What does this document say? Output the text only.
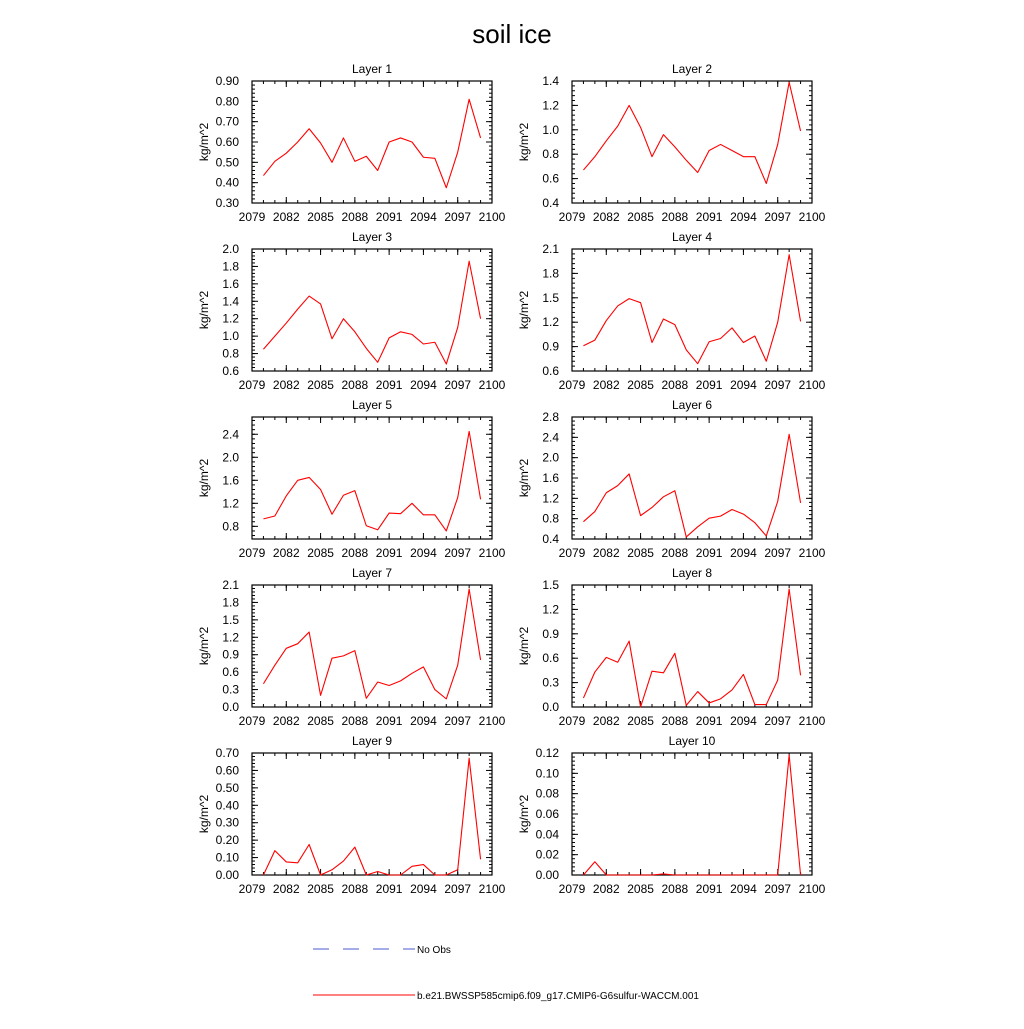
soil ice
Layer 1
kg/m^2
2079 2082 2085 2088 2091 2094 2097 2100
0.30
0.40
0.50
0.60
0.70
0.80
0.90
Layer 2
kg/m^2
2079 2082 2085 2088 2091 2094 2097 2100
0.4
0.6
0.8
1.0
1.2
1.4
Layer 3
kg/m^2
2079 2082 2085 2088 2091 2094 2097 2100
0.6
0.8
1.0
1.2
1.4
1.6
1.8
2.0
Layer 4
kg/m^2
2079 2082 2085 2088 2091 2094 2097 2100
0.6
0.9
1.2
1.5
1.8
2.1
Layer 5
kg/m^2
2079 2082 2085 2088 2091 2094 2097 2100
0.8
1.2
1.6
2.0
2.4
Layer 6
kg/m^2
2079 2082 2085 2088 2091 2094 2097 2100
0.4
0.8
1.2
1.6
2.0
2.4
2.8
Layer 7
kg/m^2
2079 2082 2085 2088 2091 2094 2097 2100
0.0
0.3
0.6
0.9
1.2
1.5
1.8
2.1
Layer 8
kg/m^2
2079 2082 2085 2088 2091 2094 2097 2100
0.0
0.3
0.6
0.9
1.2
1.5
Layer 9
kg/m^2
2079 2082 2085 2088 2091 2094 2097 2100
0.00
0.10
0.20
0.30
0.40
0.50
0.60
0.70
Layer 10
kg/m^2
2079 2082 2085 2088 2091 2094 2097 2100
0.00
0.02
0.04
0.06
0.08
0.10
0.12
No Obs
b.e21.BWSSP585cmip6.f09_g17.CMIP6-G6sulfur-WACCM.001
